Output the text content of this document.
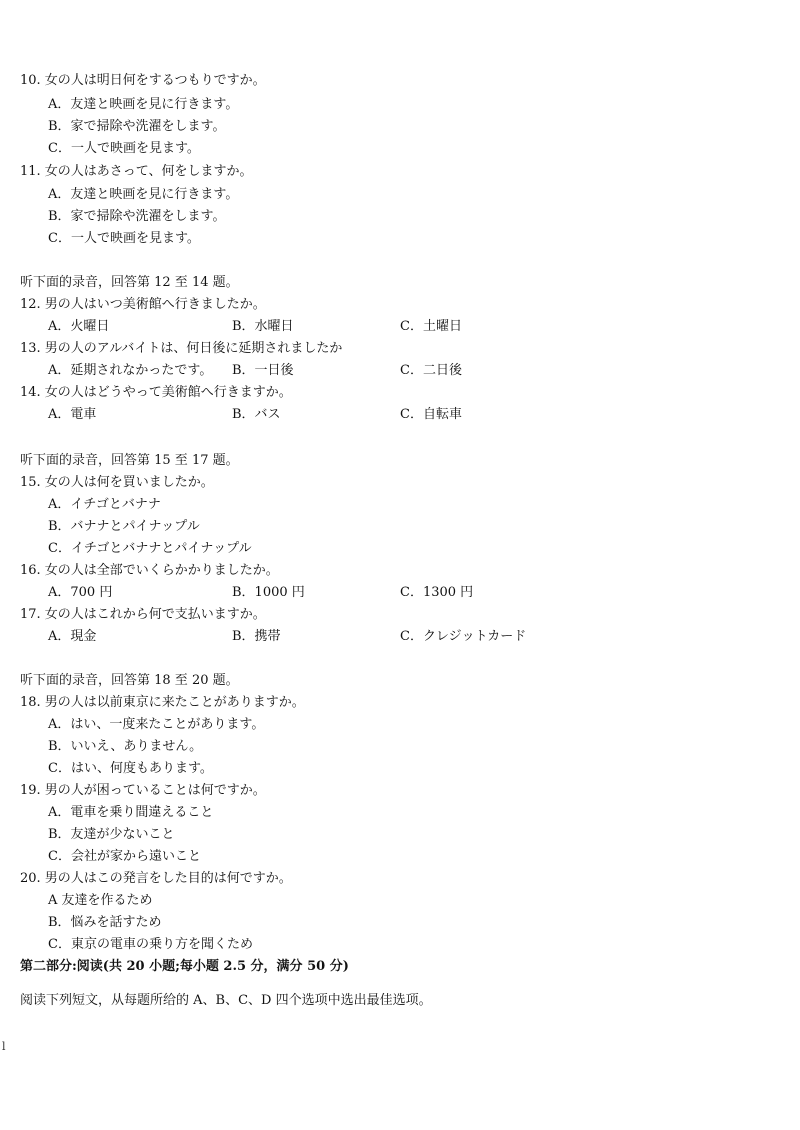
10. 女の人は明日何をするつもりですか。
A．友達と映画を見に行きます。
B．家で掃除や洗濯をします。
C．一人で映画を見ます。
11. 女の人はあさって、何をしますか。
A．友達と映画を見に行きます。
B．家で掃除や洗濯をします。
C．一人で映画を見ます。
听下面的录音，回答第 12 至 14 题。
12. 男の人はいつ美術館へ行きましたか。
A．火曜日	B．水曜日	C．土曜日
13. 男の人のアルバイトは、何日後に延期されましたか
A．延期されなかったです。 B．一日後	C．二日後
14. 女の人はどうやって美術館へ行きますか。
A．電車	B．バス	C．自転車
听下面的录音，回答第 15 至 17 题。
15. 女の人は何を買いましたか。
A．イチゴとバナナ
B．バナナとパイナップル
C．イチゴとバナナとパイナップル
16. 女の人は全部でいくらかかりましたか。
A．700 円	B．1000 円	C．1300 円
17. 女の人はこれから何で支払いますか。
A．現金	B．携帯	C．クレジットカード
听下面的录音，回答第 18 至 20 题。
18. 男の人は以前東京に来たことがありますか。
A．はい、一度来たことがあります。
B．いいえ、ありません。
C．はい、何度もあります。
19. 男の人が困っていることは何ですか。
A．電車を乗り間違えること
B．友達が少ないこと
C．会社が家から遠いこと
20. 男の人はこの発言をした目的は何ですか。
A 友達を作るため
B．悩みを話すため
C．東京の電車の乗り方を聞くため
第二部分:阅读(共 20 小题;每小题 2.5 分，满分 50 分)
阅读下列短文，从每题所给的 A、B、C、D 四个选项中选出最佳选项。
l
